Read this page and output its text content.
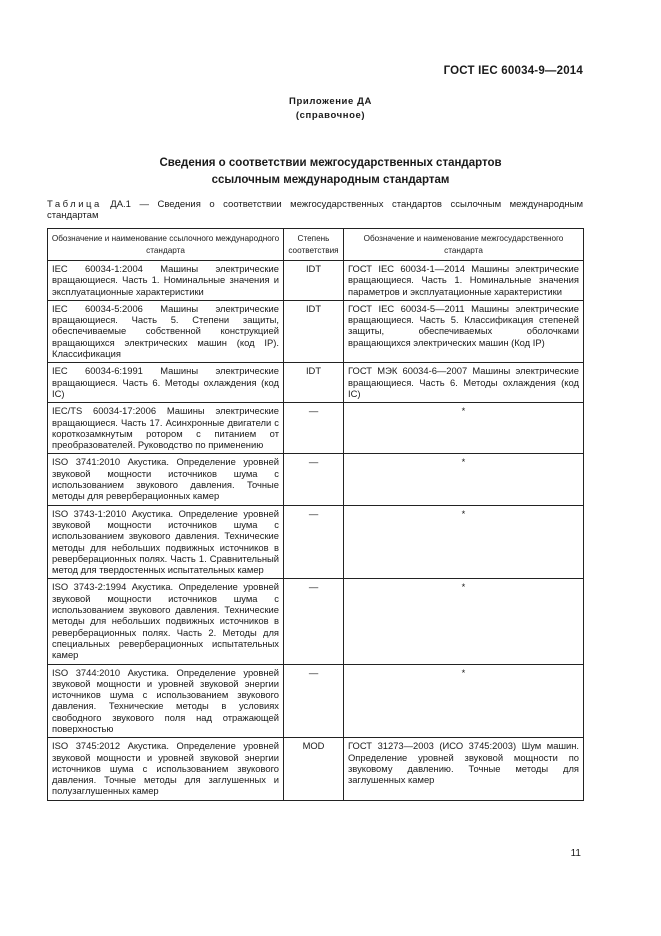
ГОСТ IEC 60034-9—2014
Приложение ДА
(справочное)
Сведения о соответствии межгосударственных стандартов
ссылочным международным стандартам
Таблица ДА.1 — Сведения о соответствии межгосударственных стандартов ссылочным международным стандартам
Обозначение и наименование ссылочного международного стандарта	Степень соответствия	Обозначение и наименование межгосударственного стандарта
IEC 60034-1:2004 Машины электрические вращающиеся. Часть 1. Номинальные значения и эксплуатационные характеристики	IDT	ГОСТ IEC 60034-1—2014 Машины электрические вращающиеся. Часть 1. Номинальные значения параметров и эксплуатационные характеристики
IEC 60034-5:2006 Машины электрические вращающиеся. Часть 5. Степени защиты, обеспечиваемые собственной конструкцией вращающихся электрических машин (код IP). Классификация	IDT	ГОСТ IEC 60034-5—2011 Машины электрические вращающиеся. Часть 5. Классификация степеней защиты, обеспечиваемых оболочками вращающихся электрических машин (Код IP)
IEC 60034-6:1991 Машины электрические вращающиеся. Часть 6. Методы охлаждения (код IC)	IDT	ГОСТ МЭК 60034-6—2007 Машины электрические вращающиеся. Часть 6. Методы охлаждения (код IC)
IEC/TS 60034-17:2006 Машины электрические вращающиеся. Часть 17. Асинхронные двигатели с короткозамкнутым ротором с питанием от преобразователей. Руководство по применению	—	*
ISO 3741:2010 Акустика. Определение уровней звуковой мощности источников шума с использованием звукового давления. Точные методы для реверберационных камер	—	*
ISO 3743-1:2010 Акустика. Определение уровней звуковой мощности источников шума с использованием звукового давления. Технические методы для небольших подвижных источников в реверберационных полях. Часть 1. Сравнительный метод для твердостенных испытательных камер	—	*
ISO 3743-2:1994 Акустика. Определение уровней звуковой мощности источников шума с использованием звукового давления. Технические методы для небольших подвижных источников в реверберационных полях. Часть 2. Методы для специальных реверберационных испытательных камер	—	*
ISO 3744:2010 Акустика. Определение уровней звуковой мощности и уровней звуковой энергии источников шума с использованием звукового давления. Технические методы в условиях свободного звукового поля над отражающей поверхностью	—	*
ISO 3745:2012 Акустика. Определение уровней звуковой мощности и уровней звуковой энергии источников шума с использованием звукового давления. Точные методы для заглушенных и полузаглушенных камер	MOD	ГОСТ 31273—2003 (ИСО 3745:2003) Шум машин. Определение уровней звуковой мощности по звуковому давлению. Точные методы для заглушенных камер
11
